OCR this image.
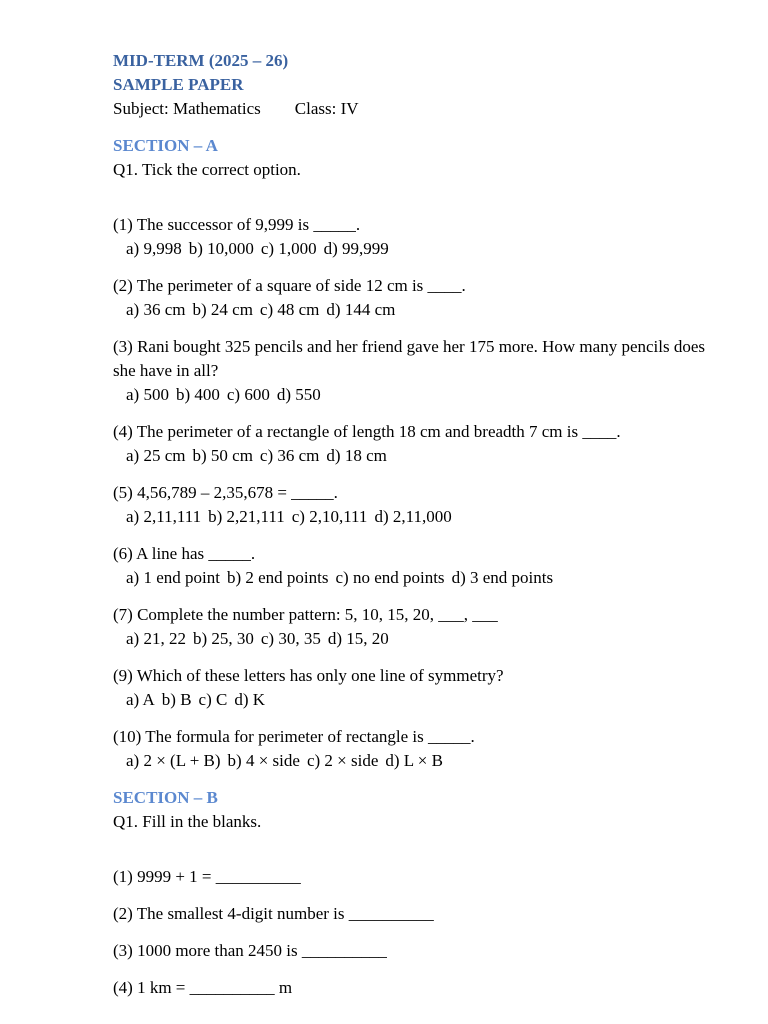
MID-TERM (2025 – 26)
SAMPLE PAPER
Subject: Mathematics Class: IV
SECTION – A
Q1. Tick the correct option.
(1) The successor of 9,999 is _____.
a) 9,998 b) 10,000 c) 1,000 d) 99,999
(2) The perimeter of a square of side 12 cm is ____.
a) 36 cm b) 24 cm c) 48 cm d) 144 cm
(3) Rani bought 325 pencils and her friend gave her 175 more. How many pencils does she have in all?
a) 500 b) 400 c) 600 d) 550
(4) The perimeter of a rectangle of length 18 cm and breadth 7 cm is ____.
a) 25 cm b) 50 cm c) 36 cm d) 18 cm
(5) 4,56,789 – 2,35,678 = _____.
a) 2,11,111 b) 2,21,111 c) 2,10,111 d) 2,11,000
(6) A line has _____.
a) 1 end point b) 2 end points c) no end points d) 3 end points
(7) Complete the number pattern: 5, 10, 15, 20, ___, ___
a) 21, 22 b) 25, 30 c) 30, 35 d) 15, 20
(9) Which of these letters has only one line of symmetry?
a) A b) B c) C d) K
(10) The formula for perimeter of rectangle is _____.
a) 2 × (L + B) b) 4 × side c) 2 × side d) L × B
SECTION – B
Q1. Fill in the blanks.
(1) 9999 + 1 = __________
(2) The smallest 4-digit number is __________
(3) 1000 more than 2450 is __________
(4) 1 km = __________ m
